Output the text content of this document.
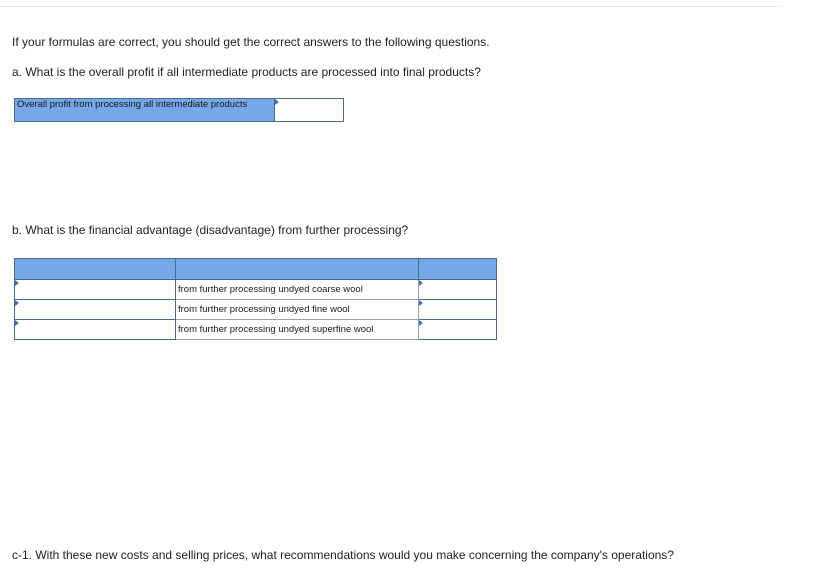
If your formulas are correct, you should get the correct answers to the following questions.
a. What is the overall profit if all intermediate products are processed into final products?
Overall profit from processing all intermediate products	
b. What is the financial advantage (disadvantage) from further processing?

	from further processing undyed coarse wool	

	from further processing undyed fine wool	

	from further processing undyed superfine wool	
c-1. With these new costs and selling prices, what recommendations would you make concerning the company's operations?
